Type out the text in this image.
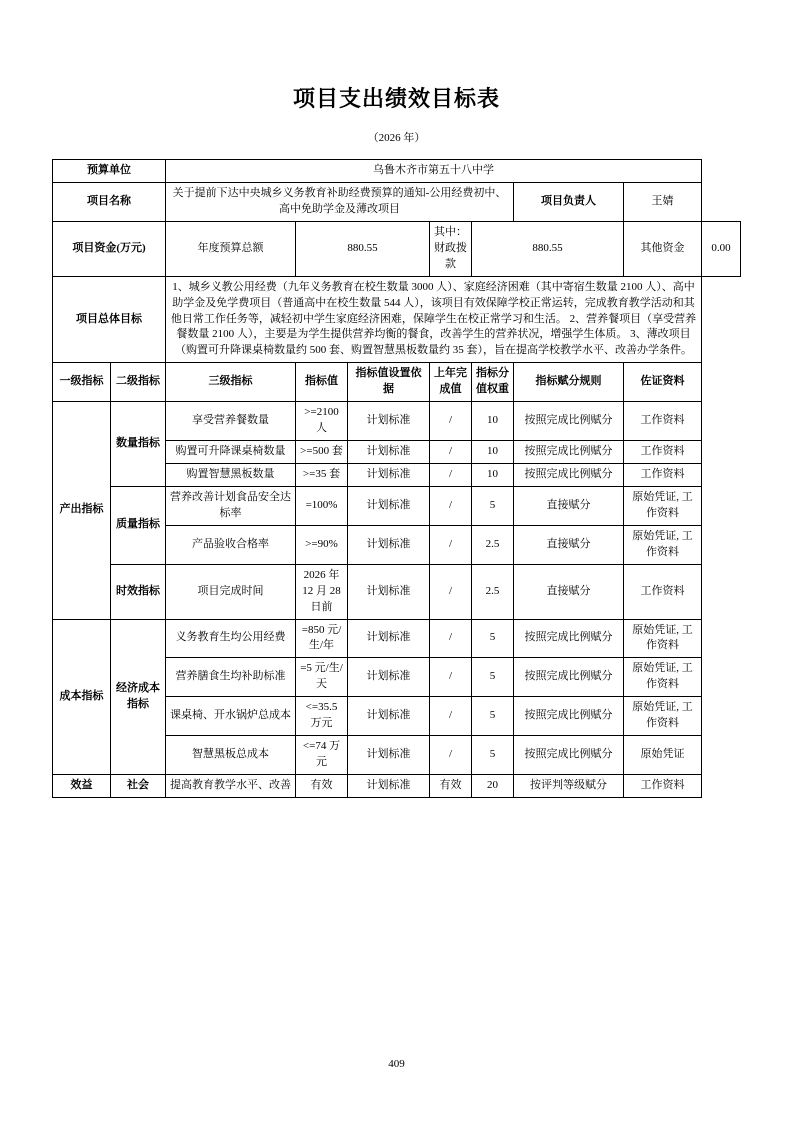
项目支出绩效目标表
（2026 年）
预算单位		乌鲁木齐市第五十八中学							
项目名称		关于提前下达中央城乡义务教育补助经费预算的通知-公用经费初中、高中免助学金及薄改项目					项目负责人	王婧	
项目资金(万元)		年度预算总额	880.55		其中：财政拨款	880.55		其他资金	0.00
项目总体目标		1、城乡义教公用经费（九年义务教育在校生数量 3000 人）、家庭经济困难（其中寄宿生数量 2100 人）、高中助学金及免学费项目（普通高中在校生数量 544 人），该项目有效保障学校正常运转，完成教育教学活动和其他日常工作任务等，减轻初中学生家庭经济困难，保障学生在校正常学习和生活。 2、营养餐项目（享受营养餐数量 2100 人），主要是为学生提供营养均衡的餐食，改善学生的营养状况，增强学生体质。 3、薄改项目（购置可升降课桌椅数量约 500 套、购置智慧黑板数量约 35 套），旨在提高学校教学水平、改善办学条件。							
一级指标	二级指标	三级指标	指标值	指标值设置依据	上年完成值	指标分值权重	指标赋分规则	佐证资料	
产出指标	数量指标	享受营养餐数量	>=2100 人	计划标准	/	10	按照完成比例赋分	工作资料	
		购置可升降课桌椅数量	>=500 套	计划标准	/	10	按照完成比例赋分	工作资料	
		购置智慧黑板数量	>=35 套	计划标准	/	10	按照完成比例赋分	工作资料	
	质量指标	营养改善计划食品安全达标率	=100%	计划标准	/	5	直接赋分	原始凭证, 工作资料	
		产品验收合格率	>=90%	计划标准	/	2.5	直接赋分	原始凭证, 工作资料	
	时效指标	项目完成时间	2026 年 12 月 28 日前	计划标准	/	2.5	直接赋分	工作资料	
成本指标	经济成本指标	义务教育生均公用经费	=850 元/生/年	计划标准	/	5	按照完成比例赋分	原始凭证, 工作资料	
		营养膳食生均补助标准	=5 元/生/天	计划标准	/	5	按照完成比例赋分	原始凭证, 工作资料	
		课桌椅、开水锅炉总成本	<=35.5 万元	计划标准	/	5	按照完成比例赋分	原始凭证, 工作资料	
		智慧黑板总成本	<=74 万元	计划标准	/	5	按照完成比例赋分	原始凭证	
效益	社会	提高教育教学水平、改善	有效	计划标准	有效	20	按评判等级赋分	工作资料	
409
